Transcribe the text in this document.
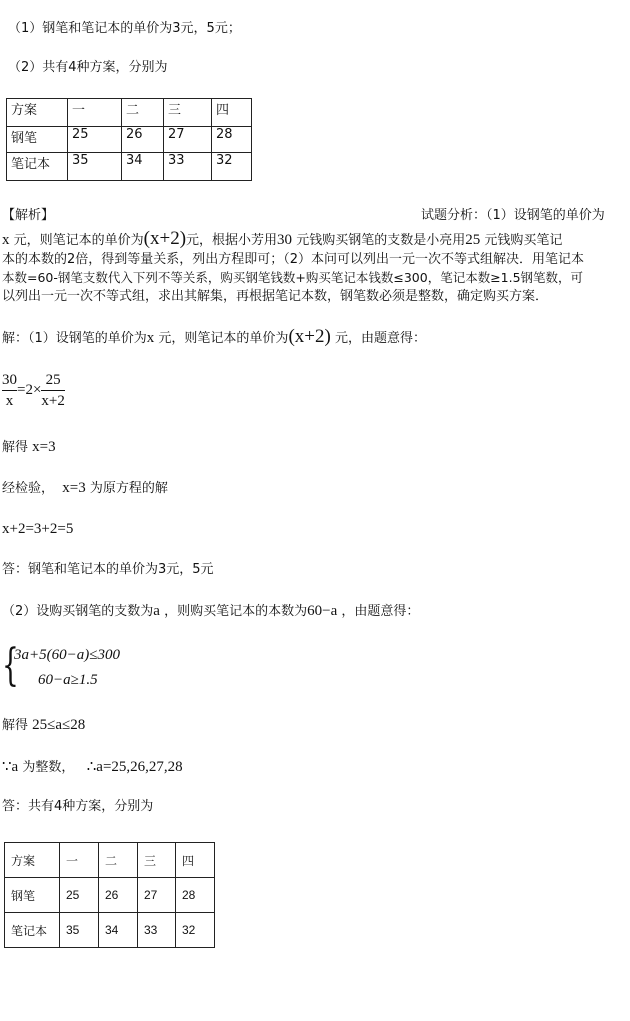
（1）钢笔和笔记本的单价为3元，5元；
（2）共有4种方案，分别为
方案	一	二	三	四
钢笔	25	26	27	28
笔记本	35	34	33	32
【解析】	试题分析：（1）设钢笔的单价为
x 元，则笔记本的单价为(x+2)元，根据小芳用30 元钱购买钢笔的支数是小亮用25 元钱购买笔记
本的本数的2倍，得到等量关系，列出方程即可；（2）本问可以列出一元一次不等式组解决．用笔记本
本数=60-钢笔支数代入下列不等关系，购买钢笔钱数+购买笔记本钱数≤300，笔记本数≥1.5钢笔数，可
以列出一元一次不等式组，求出其解集，再根据笔记本数，钢笔数必须是整数，确定购买方案．
解：（1）设钢笔的单价为x 元，则笔记本的单价为(x+2) 元，由题意得：
$\frac{30}{x} =2\times \frac{25}{x+2}$
解得 x=3
经检验， x=3 为原方程的解
x+2=3+2=5
答：钢笔和笔记本的单价为3元，5元
（2）设购买钢笔的支数为a ，则购买笔记本的本数为60−a ，由题意得：
{
3a+5(60−a)≤300
60−a≥1.5
解得 25≤a≤28
∵a 为整数， ∴a=25,26,27,28
答：共有4种方案，分别为
方案	一	二	三	四
钢笔	25	26	27	28
笔记本	35	34	33	32
